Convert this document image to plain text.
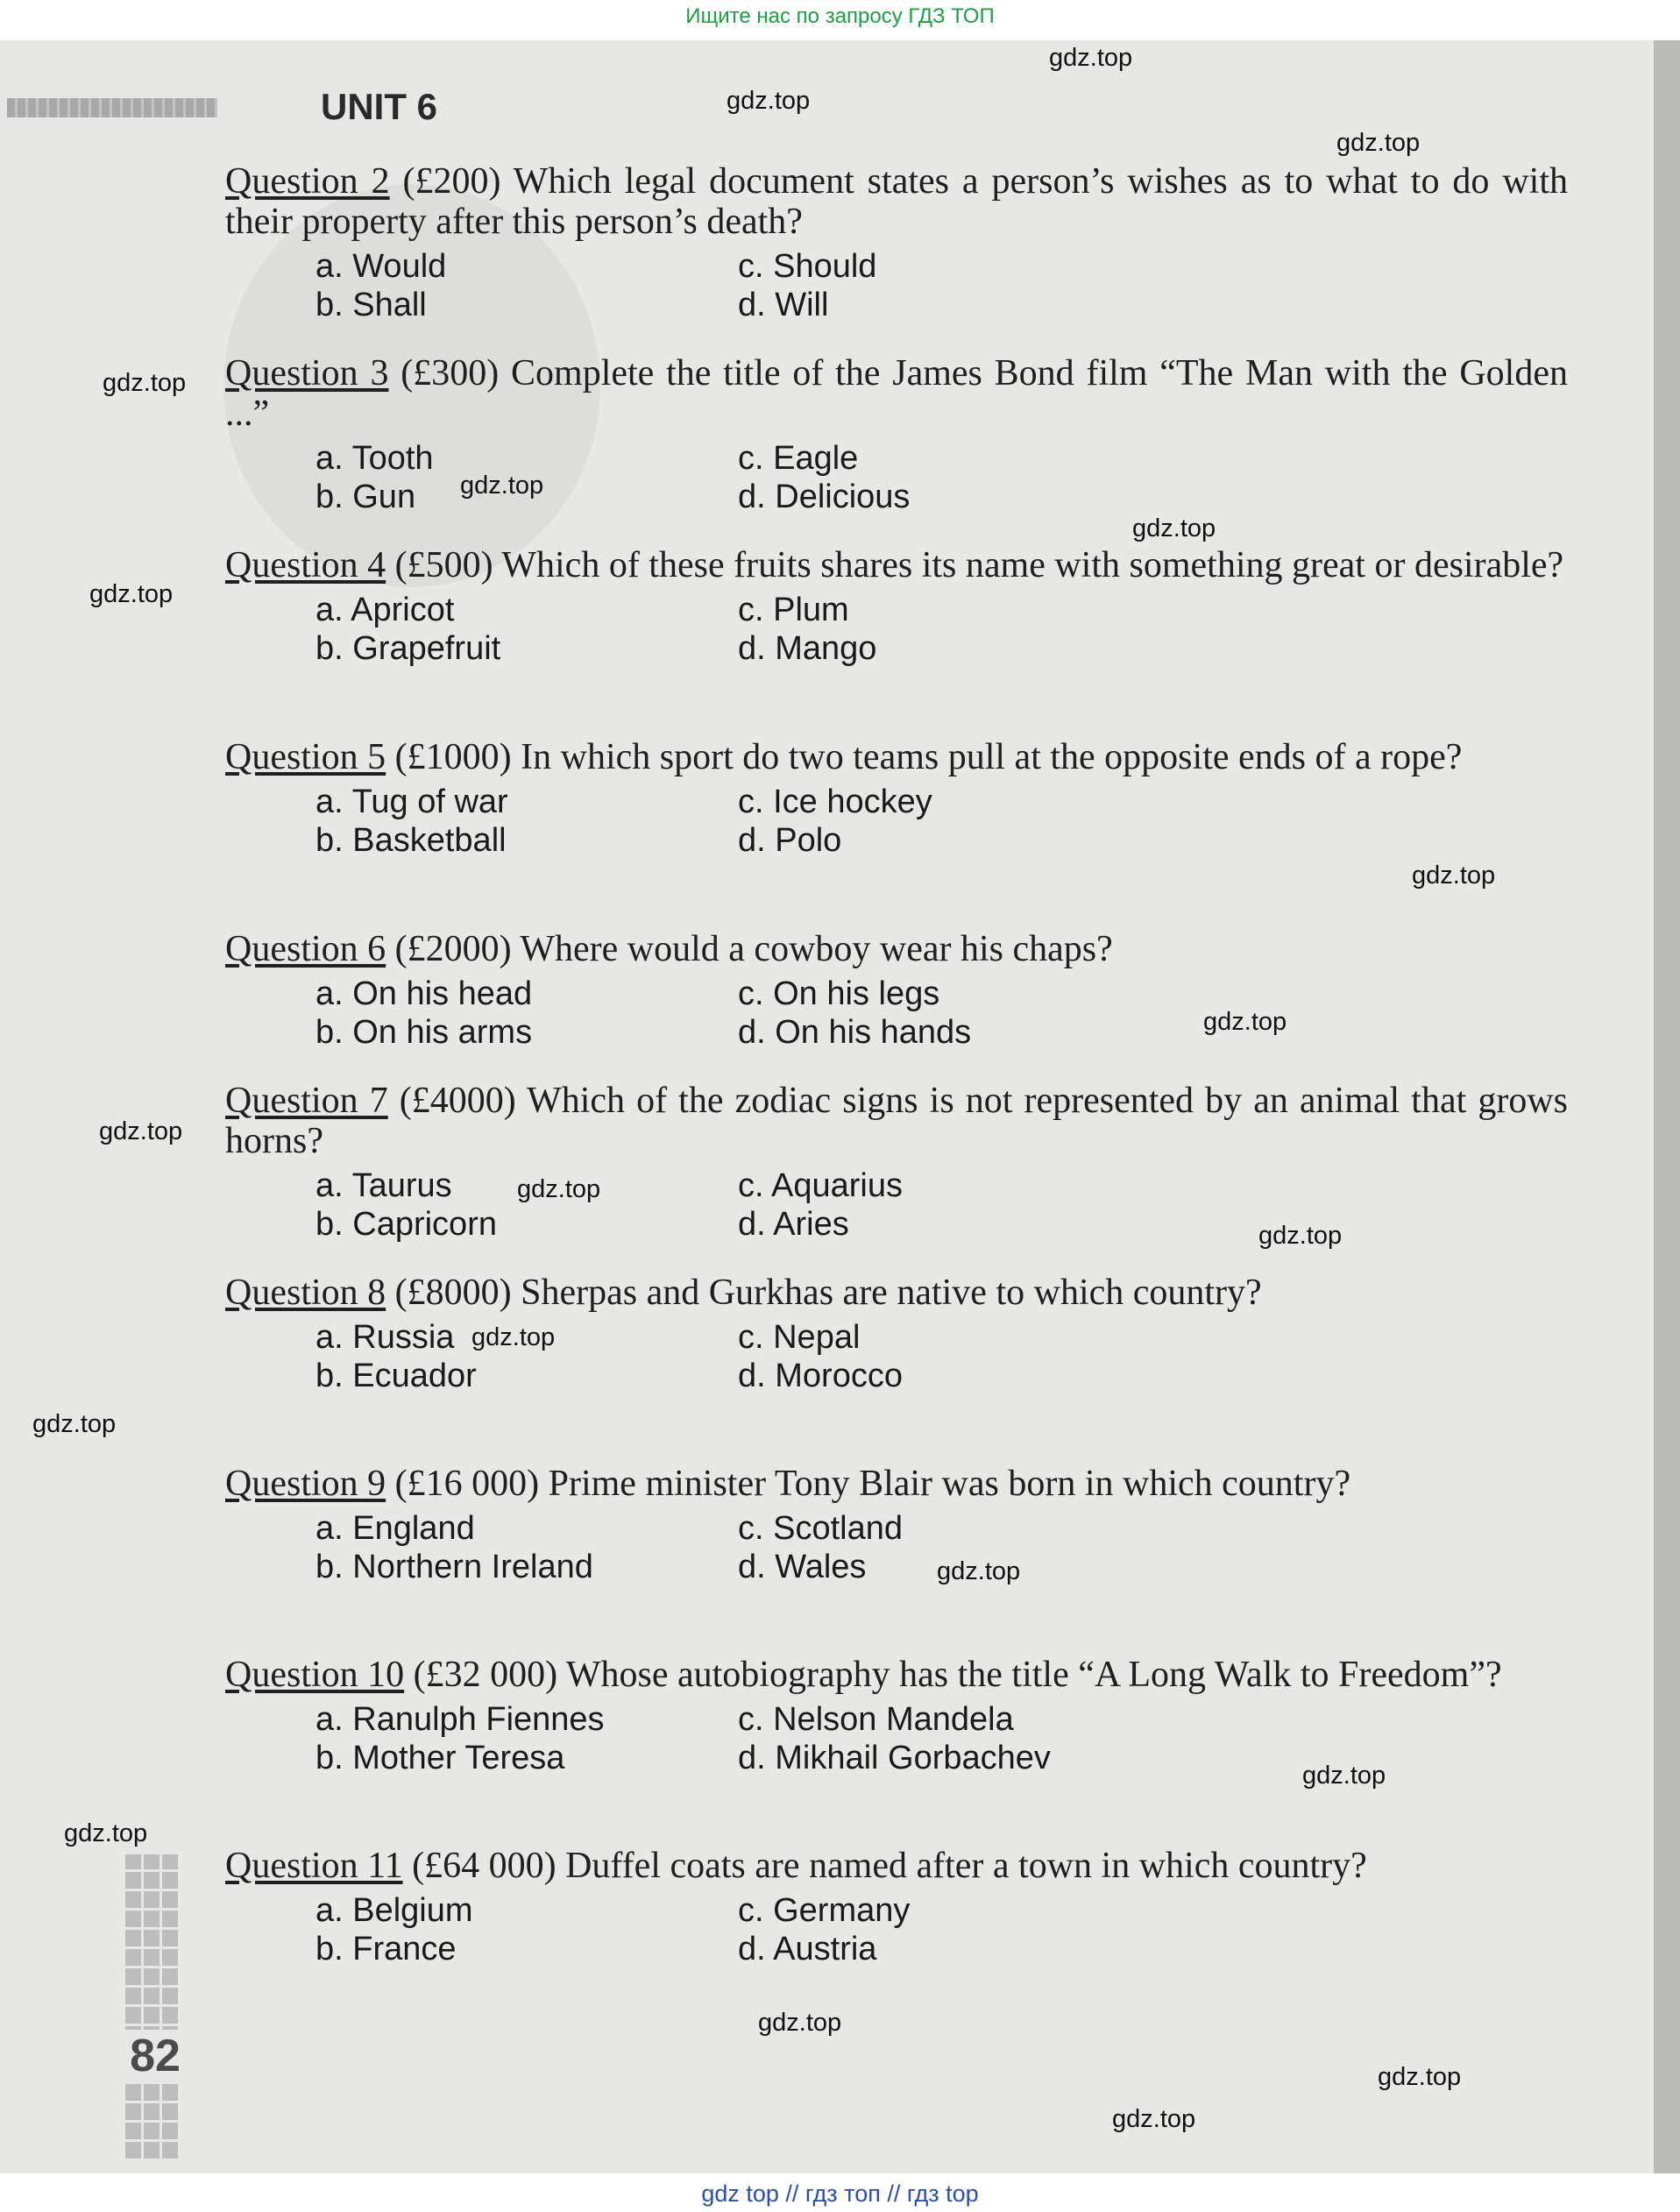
Ищите нас по запросу ГДЗ ТОП
UNIT 6

Question 2 (£200) Which legal document states a person’s wishes as to what to do with their property after this person’s death?

a. Would	c. Should
b. Shall	d. Will

Question 3 (£300) Complete the title of the James Bond film “The Man with the Golden ...”

a. Tooth	c. Eagle
b. Gun	d. Delicious

Question 4 (£500) Which of these fruits shares its name with something great or desirable?

a. Apricot	c. Plum
b. Grapefruit	d. Mango

Question 5 (£1000) In which sport do two teams pull at the opposite ends of a rope?

a. Tug of war	c. Ice hockey
b. Basketball	d. Polo

Question 6 (£2000) Where would a cowboy wear his chaps?

a. On his head	c. On his legs
b. On his arms	d. On his hands

Question 7 (£4000) Which of the zodiac signs is not represented by an animal that grows horns?

a. Taurus	c. Aquarius
b. Capricorn	d. Aries

Question 8 (£8000) Sherpas and Gurkhas are native to which country?

a. Russia	c. Nepal
b. Ecuador	d. Morocco

Question 9 (£16 000) Prime minister Tony Blair was born in which country?

a. England	c. Scotland
b. Northern Ireland	d. Wales

Question 10 (£32 000) Whose autobiography has the title “A Long Walk to Freedom”?

a. Ranulph Fiennes	c. Nelson Mandela
b. Mother Teresa	d. Mikhail Gorbachev

Question 11 (£64 000) Duffel coats are named after a town in which country?

a. Belgium	c. Germany
b. France	d. Austria
82
gdz.top
gdz.top
gdz.top
gdz.top
gdz.top
gdz.top
gdz.top
gdz.top
gdz.top
gdz.top
gdz.top
gdz.top
gdz.top
gdz.top
gdz.top
gdz.top
gdz.top
gdz.top
gdz.top
gdz.top
gdz top // гдз топ // гдз top
